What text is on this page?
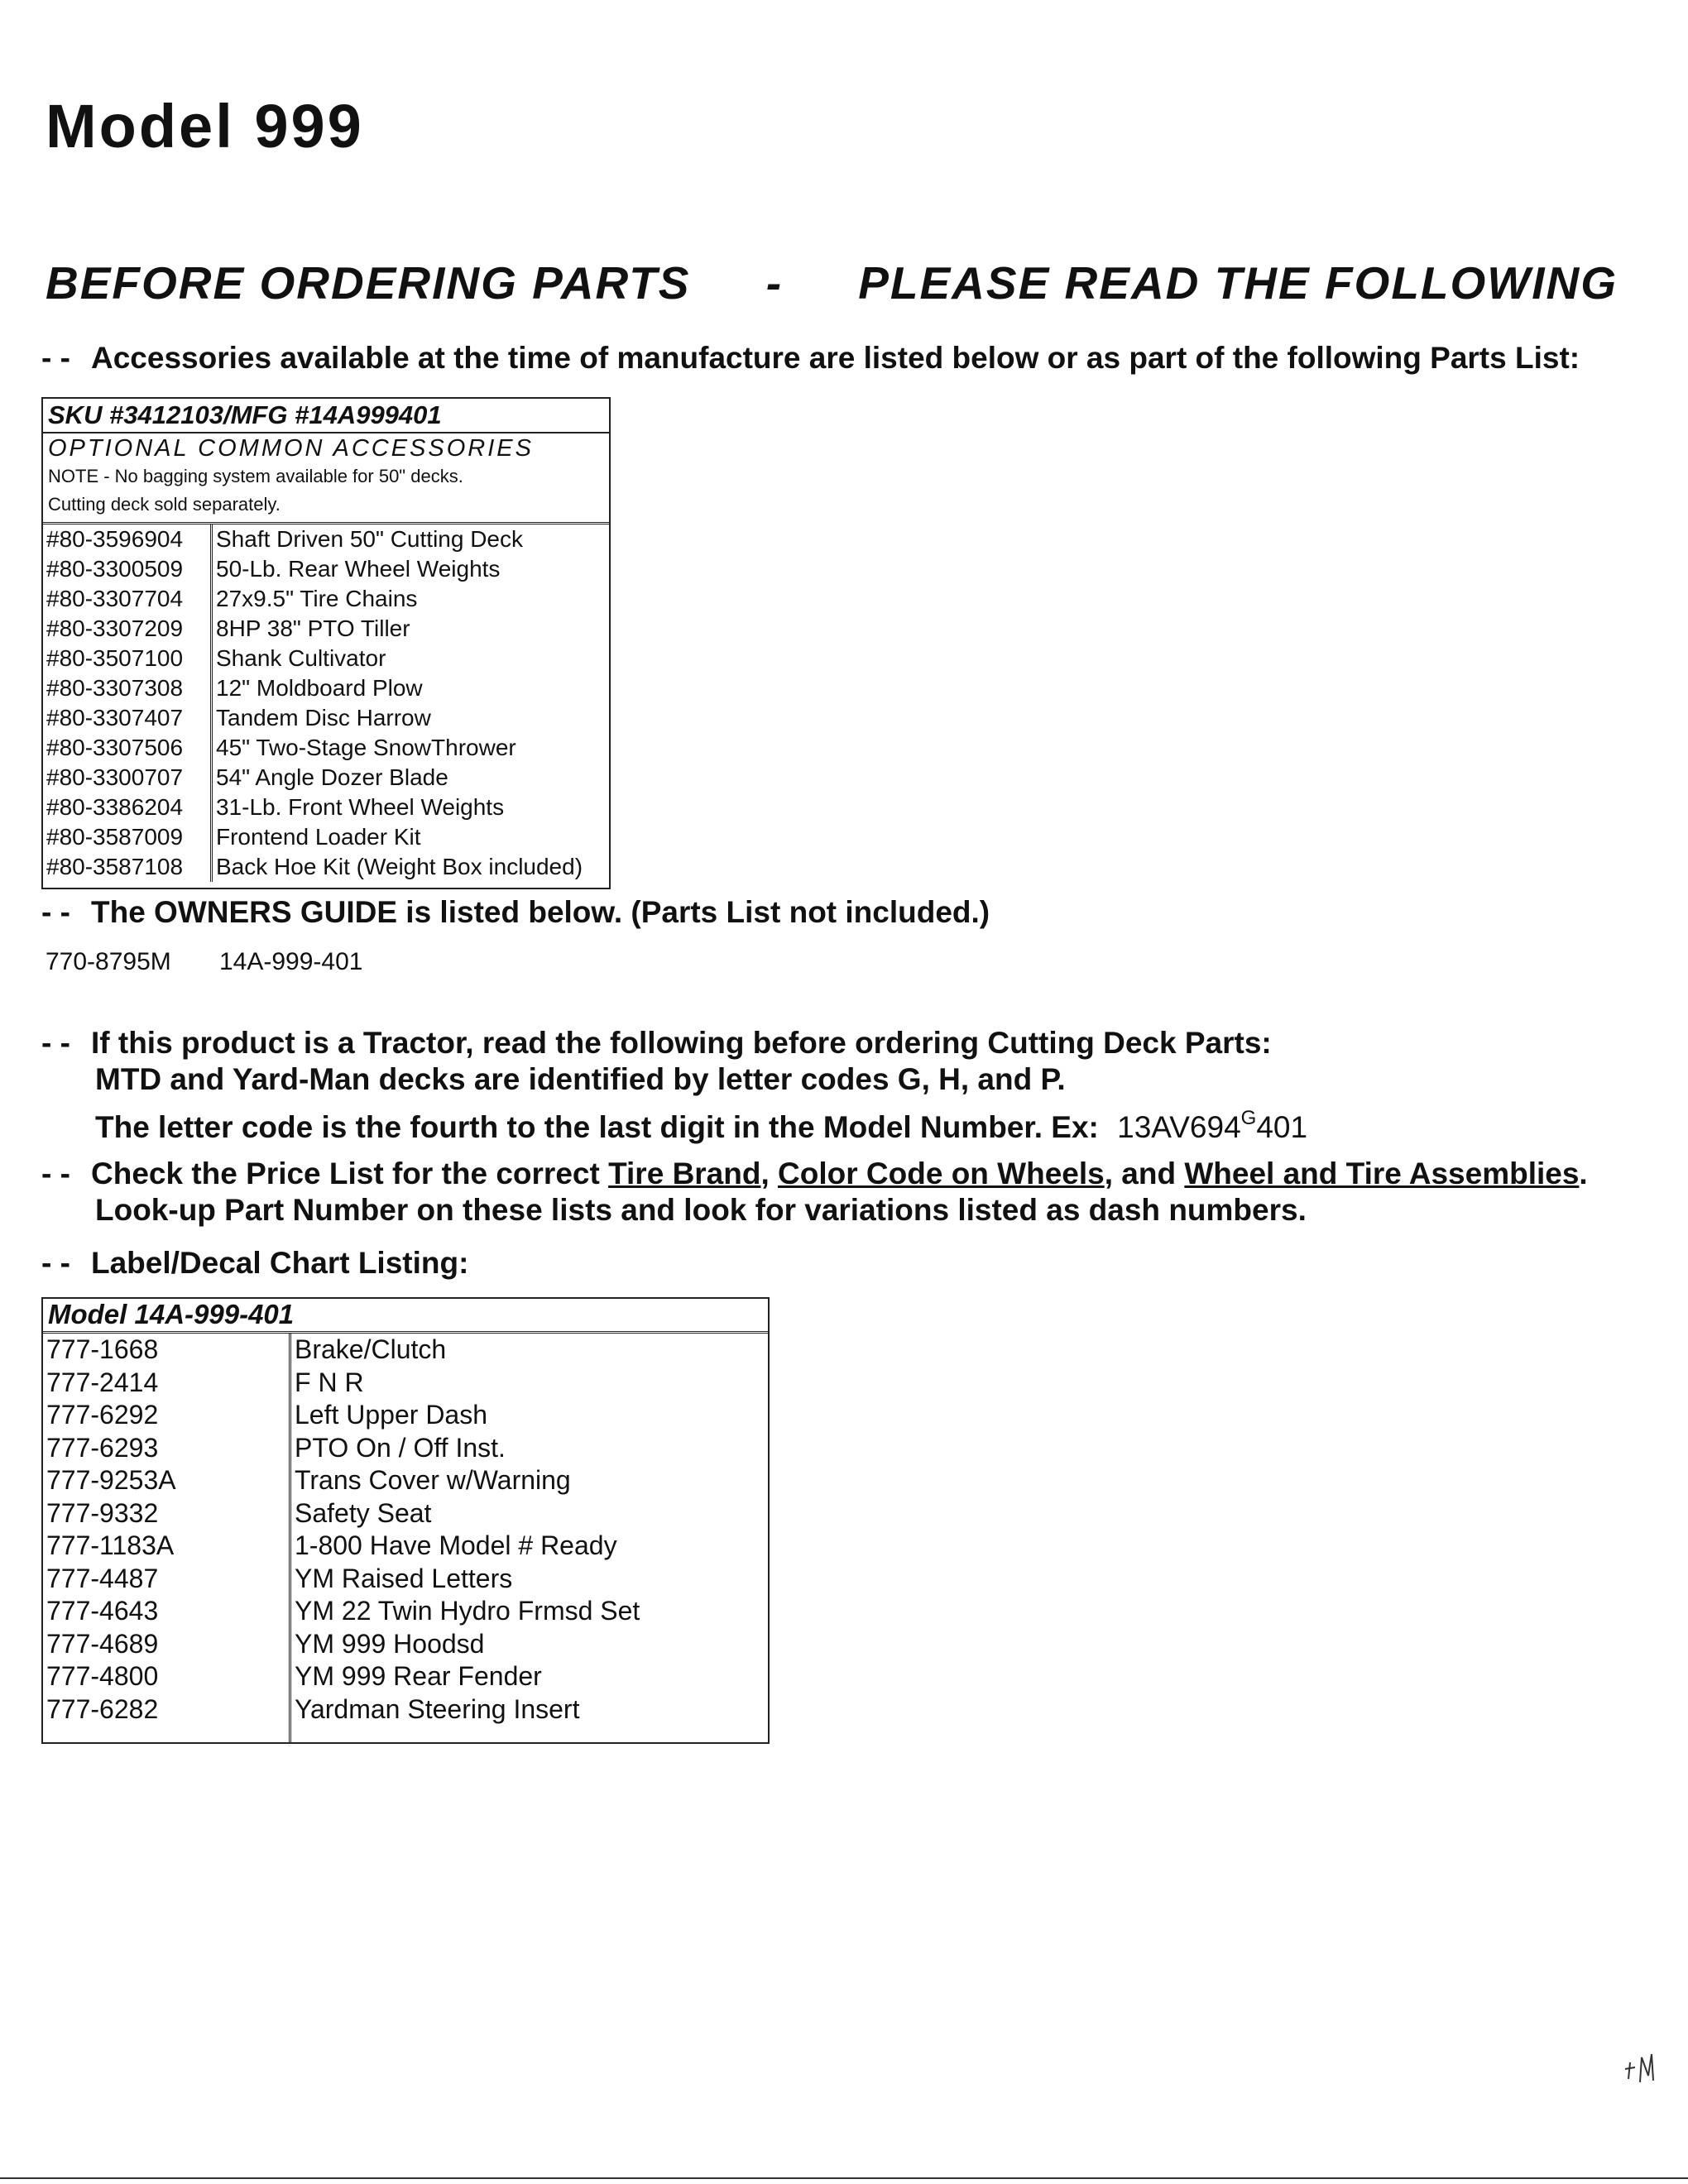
Model 999
BEFORE ORDERING PARTS - PLEASE READ THE FOLLOWING
- - Accessories available at the time of manufacture are listed below or as part of the following Parts List:
SKU #3412103/MFG #14A999401
OPTIONAL COMMON ACCESSORIES
NOTE - No bagging system available for 50" decks.
Cutting deck sold separately.
#80-3596904
#80-3300509
#80-3307704
#80-3307209
#80-3507100
#80-3307308
#80-3307407
#80-3307506
#80-3300707
#80-3386204
#80-3587009
#80-3587108
Shaft Driven 50" Cutting Deck
50-Lb. Rear Wheel Weights
27x9.5" Tire Chains
8HP 38" PTO Tiller
Shank Cultivator
12" Moldboard Plow
Tandem Disc Harrow
45" Two-Stage SnowThrower
54" Angle Dozer Blade
31-Lb. Front Wheel Weights
Frontend Loader Kit
Back Hoe Kit (Weight Box included)
- - The OWNERS GUIDE is listed below. (Parts List not included.)
770-8795M 14A-999-401
- - If this product is a Tractor, read the following before ordering Cutting Deck Parts:
MTD and Yard-Man decks are identified by letter codes G, H, and P.
The letter code is the fourth to the last digit in the Model Number. Ex: $13AV694^G401$
- - Check the Price List for the correct Tire Brand, Color Code on Wheels, and Wheel and Tire Assemblies.
Look-up Part Number on these lists and look for variations listed as dash numbers.
- - Label/Decal Chart Listing:
Model 14A-999-401
777-1668
777-2414
777-6292
777-6293
777-9253A
777-9332
777-1183A
777-4487
777-4643
777-4689
777-4800
777-6282
Brake/Clutch
F N R
Left Upper Dash
PTO On / Off Inst.
Trans Cover w/Warning
Safety Seat
1-800 Have Model # Ready
YM Raised Letters
YM 22 Twin Hydro Frmsd Set
YM 999 Hoodsd
YM 999 Rear Fender
Yardman Steering Insert
